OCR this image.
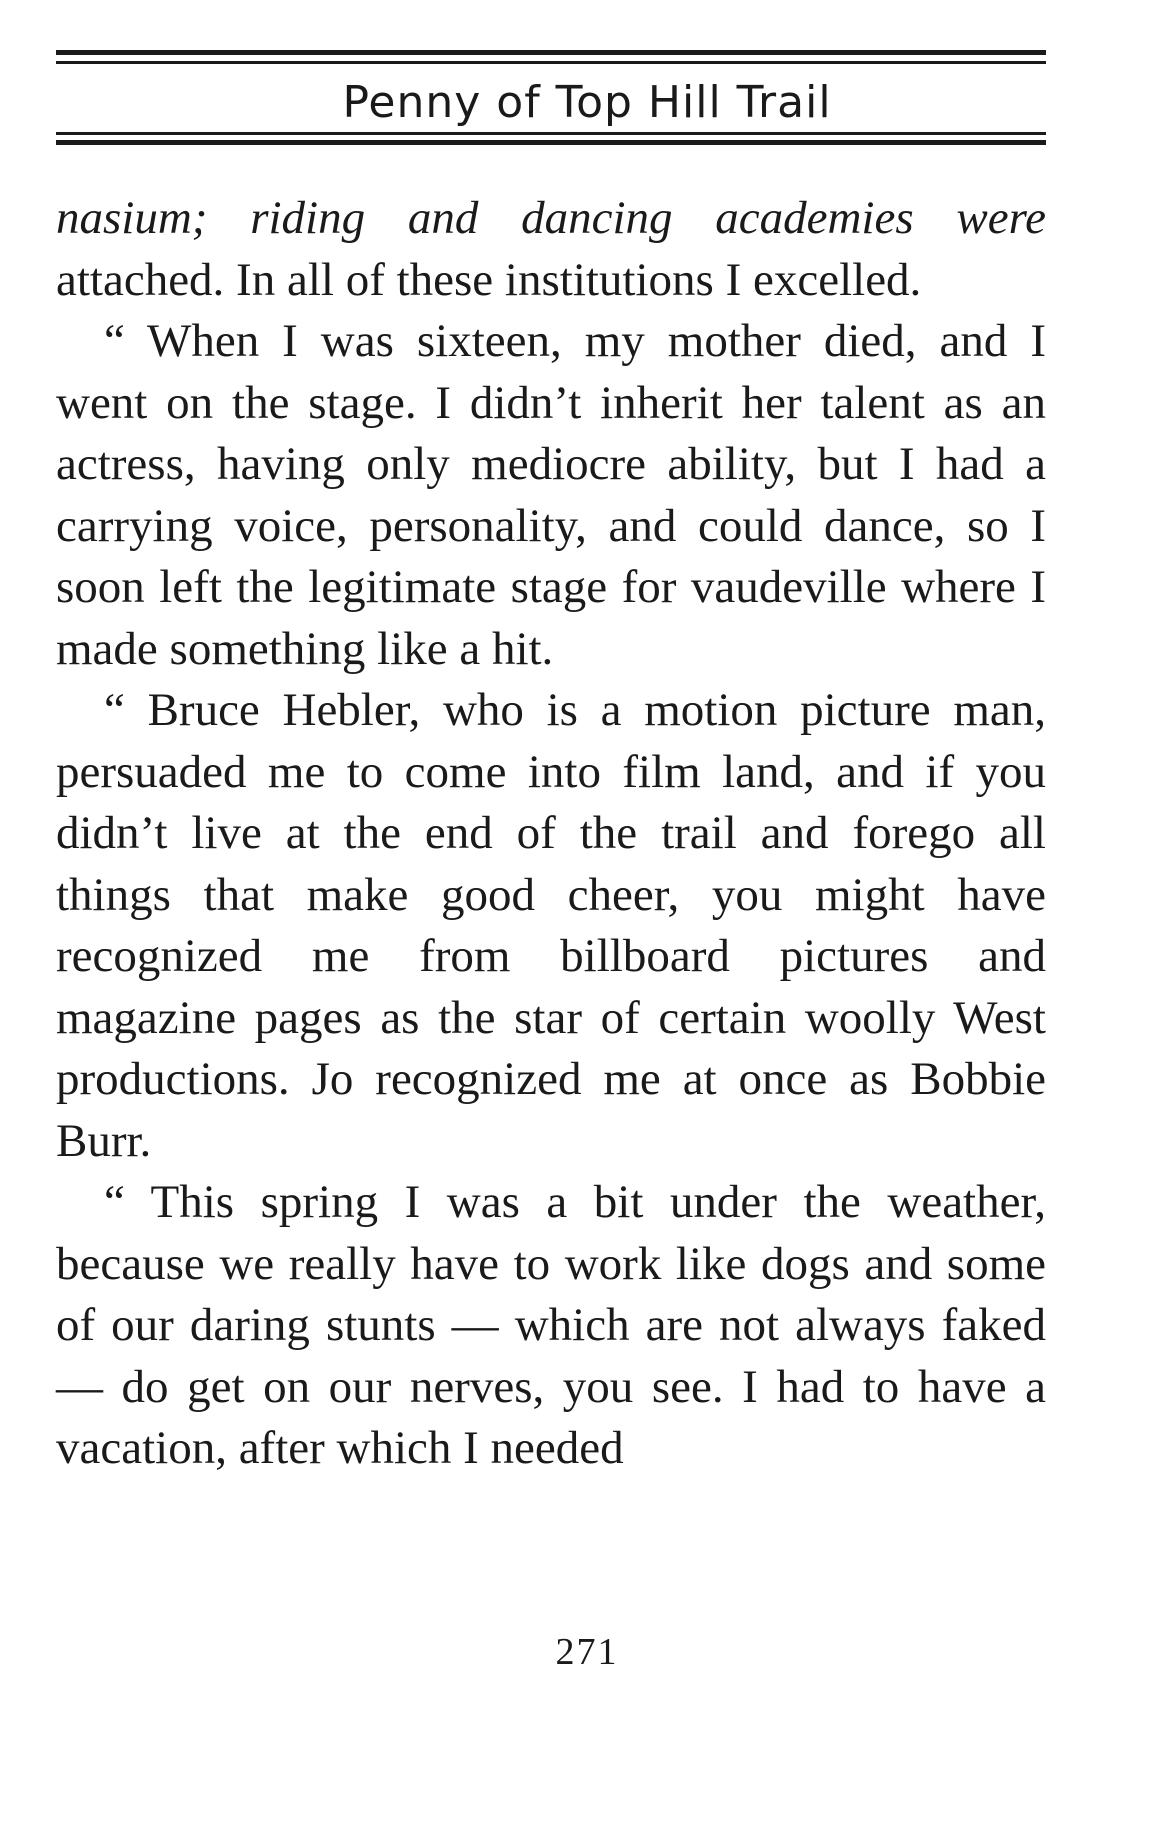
Penny of Top Hill Trail

nasium; riding and dancing academies were attached. In all of these institutions I excelled.

“ When I was sixteen, my mother died, and I went on the stage. I didn’t inherit her talent as an actress, having only mediocre ability, but I had a carrying voice, personality, and could dance, so I soon left the legitimate stage for vaudeville where I made something like a hit.

“ Bruce Hebler, who is a motion picture man, persuaded me to come into film land, and if you didn’t live at the end of the trail and forego all things that make good cheer, you might have recognized me from billboard pictures and magazine pages as the star of certain woolly West productions. Jo recognized me at once as Bobbie Burr.

“ This spring I was a bit under the weather, because we really have to work like dogs and some of our daring stunts — which are not always faked — do get on our nerves, you see. I had to have a vacation, after which I needed

271
